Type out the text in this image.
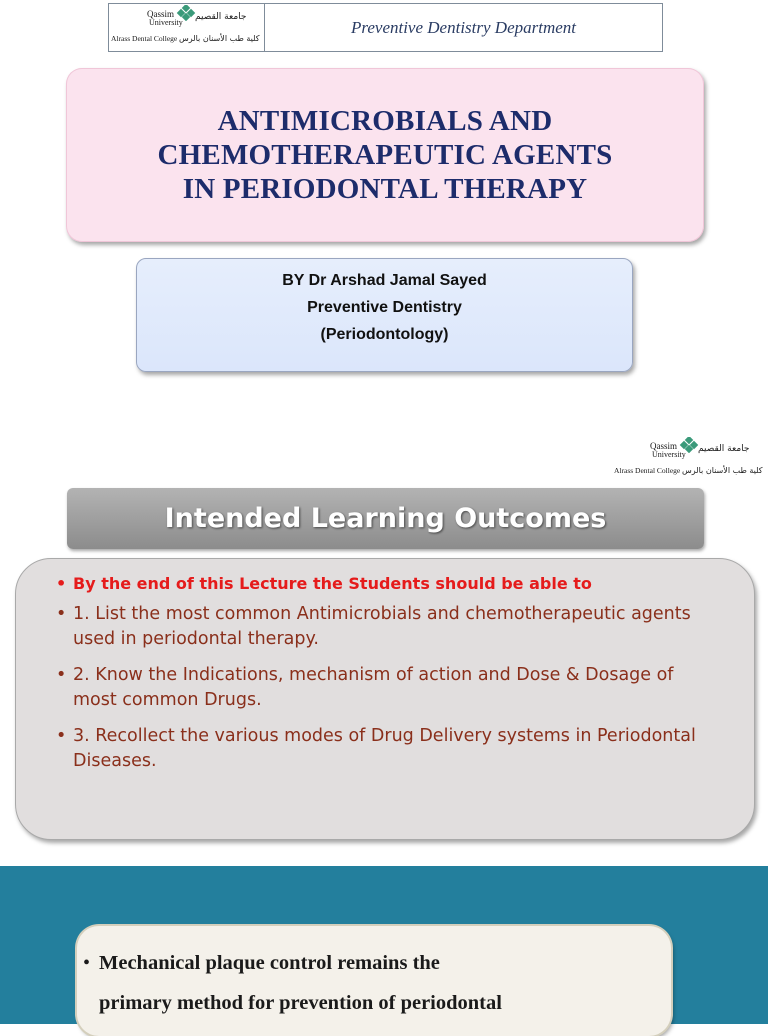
Qassim
University
جامعة القصيم
Alrass Dental College كلية طب الأسنان بالرس
Preventive Dentistry Department
ANTIMICROBIALS AND
CHEMOTHERAPEUTIC AGENTS
IN PERIODONTAL THERAPY
BY Dr Arshad Jamal Sayed
Preventive Dentistry
(Periodontology)
Qassim
University
جامعة القصيم
Alrass Dental College كلية طب الأسنان بالرس
Intended Learning Outcomes
• By the end of this Lecture the Students should be able to
• 1. List the most common Antimicrobials and chemotherapeutic agents used in periodontal therapy.
• 2. Know the Indications, mechanism of action and Dose & Dosage of most common Drugs.
• 3. Recollect the various modes of Drug Delivery systems in Periodontal Diseases.
• Mechanical plaque control remains the
primary method for prevention of periodontal
